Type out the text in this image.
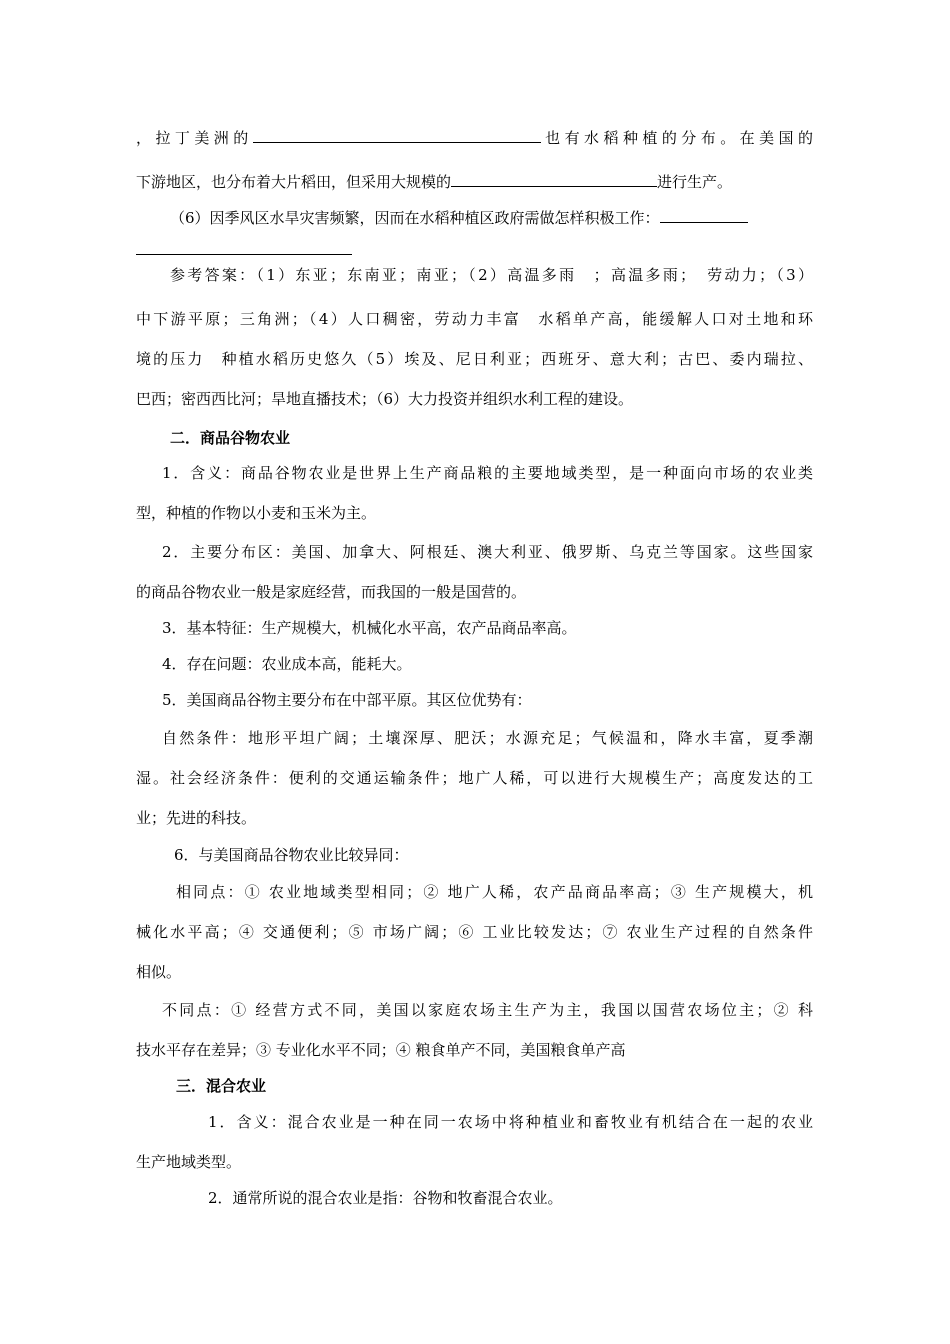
，拉丁美洲的	也有水稻种植的分布。在美国的
下游地区，也分布着大片稻田，但采用大规模的	进行生产。
（6）因季风区水旱灾害频繁，因而在水稻种植区政府需做怎样积极工作：
参考答案：（1）东亚；东南亚；南亚；（2）高温多雨　；高温多雨；　劳动力；（3）
中下游平原；三角洲；（4）人口稠密，劳动力丰富　水稻单产高，能缓解人口对土地和环
境的压力　种植水稻历史悠久（5）埃及、尼日利亚；西班牙、意大利；古巴、委内瑞拉、
巴西；密西西比河；旱地直播技术；（6）大力投资并组织水利工程的建设。
二．商品谷物农业
1．含义：商品谷物农业是世界上生产商品粮的主要地域类型，是一种面向市场的农业类
型，种植的作物以小麦和玉米为主。
2．主要分布区：美国、加拿大、阿根廷、澳大利亚、俄罗斯、乌克兰等国家。这些国家
的商品谷物农业一般是家庭经营，而我国的一般是国营的。
3．基本特征：生产规模大，机械化水平高，农产品商品率高。
4．存在问题：农业成本高，能耗大。
5．美国商品谷物主要分布在中部平原。其区位优势有：
自然条件：地形平坦广阔；土壤深厚、肥沃；水源充足；气候温和，降水丰富，夏季潮
湿。社会经济条件：便利的交通运输条件；地广人稀，可以进行大规模生产；高度发达的工
业；先进的科技。
6．与美国商品谷物农业比较异同：
相同点：① 农业地域类型相同；② 地广人稀，农产品商品率高；③ 生产规模大，机
械化水平高；④ 交通便利；⑤ 市场广阔；⑥ 工业比较发达；⑦ 农业生产过程的自然条件
相似。
不同点：① 经营方式不同，美国以家庭农场主生产为主，我国以国营农场位主；② 科
技水平存在差异；③ 专业化水平不同；④ 粮食单产不同，美国粮食单产高
三．混合农业
1．含义：混合农业是一种在同一农场中将种植业和畜牧业有机结合在一起的农业
生产地域类型。
2．通常所说的混合农业是指：谷物和牧畜混合农业。
